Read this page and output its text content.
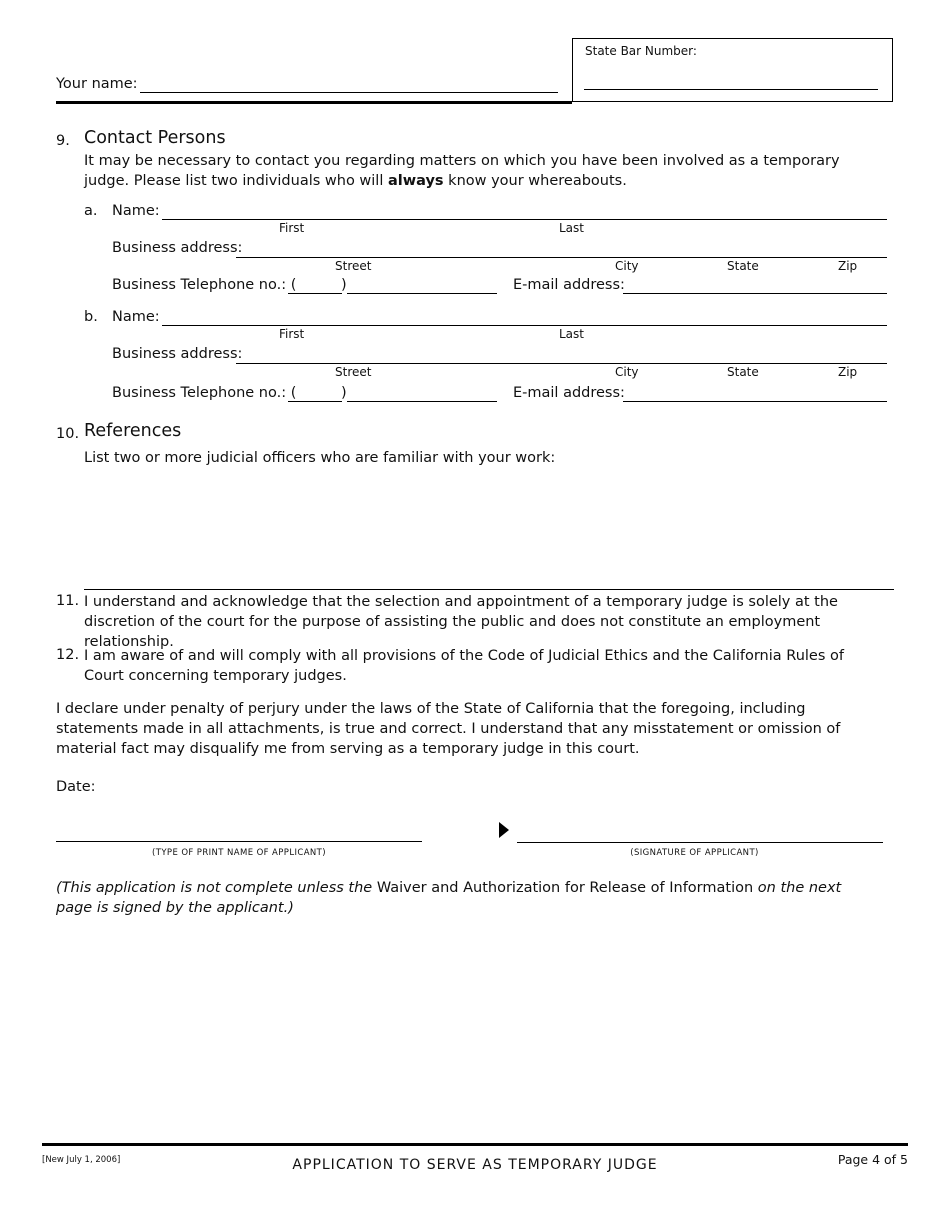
Your name:
State Bar Number:
9. Contact Persons
It may be necessary to contact you regarding matters on which you have been involved as a temporary judge. Please list two individuals who will always know your whereabouts.
a. Name:
First	Last
Business address:
Street	City	State	Zip
Business Telephone no.: (	)	E-mail address:
b. Name:
First	Last
Business address:
Street	City	State	Zip
Business Telephone no.: (	)	E-mail address:
10. References
List two or more judicial officers who are familiar with your work:
11. I understand and acknowledge that the selection and appointment of a temporary judge is solely at the discretion of the court for the purpose of assisting the public and does not constitute an employment relationship.
12. I am aware of and will comply with all provisions of the Code of Judicial Ethics and the California Rules of Court concerning temporary judges.
I declare under penalty of perjury under the laws of the State of California that the foregoing, including statements made in all attachments, is true and correct. I understand that any misstatement or omission of material fact may disqualify me from serving as a temporary judge in this court.
Date:
(TYPE OF PRINT NAME OF APPLICANT)	(SIGNATURE OF APPLICANT)
(This application is not complete unless the Waiver and Authorization for Release of Information on the next page is signed by the applicant.)
[New July 1, 2006]	APPLICATION TO SERVE AS TEMPORARY JUDGE	Page 4 of 5
